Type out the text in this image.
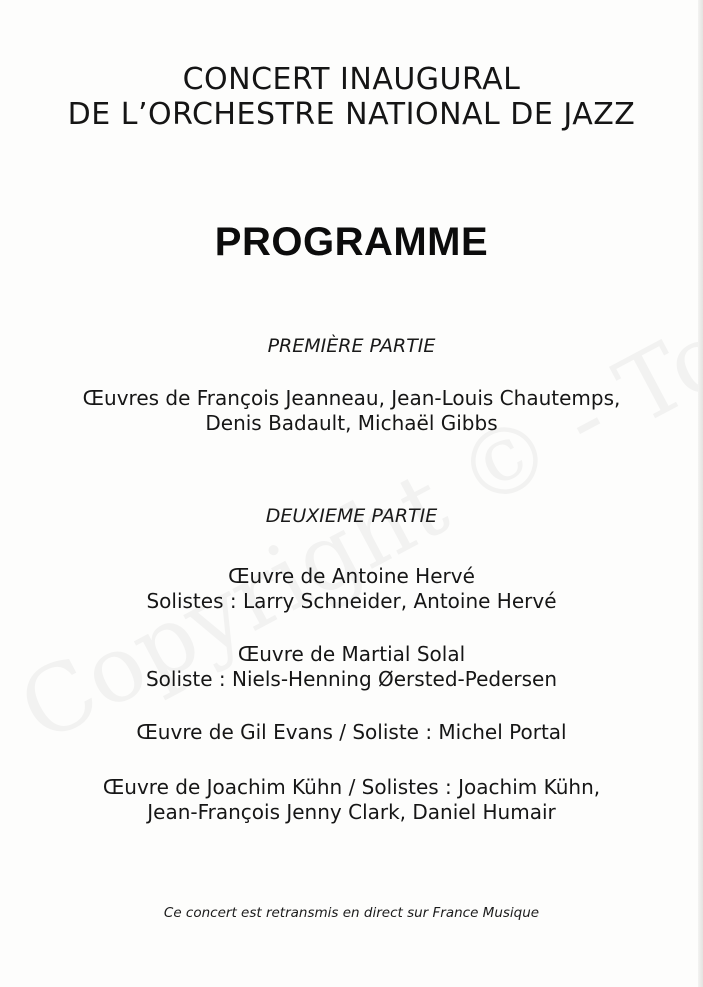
CONCERT INAUGURAL
DE L’ORCHESTRE NATIONAL DE JAZZ
PROGRAMME
PREMIÈRE PARTIE
Œuvres de François Jeanneau, Jean-Louis Chautemps,
Denis Badault, Michaël Gibbs
DEUXIEME PARTIE
Œuvre de Antoine Hervé
Solistes : Larry Schneider, Antoine Hervé
Œuvre de Martial Solal
Soliste : Niels-Henning Øersted-Pedersen
Œuvre de Gil Evans / Soliste : Michel Portal
Œuvre de Joachim Kühn / Solistes : Joachim Kühn,
Jean-François Jenny Clark, Daniel Humair
Ce concert est retransmis en direct sur France Musique
